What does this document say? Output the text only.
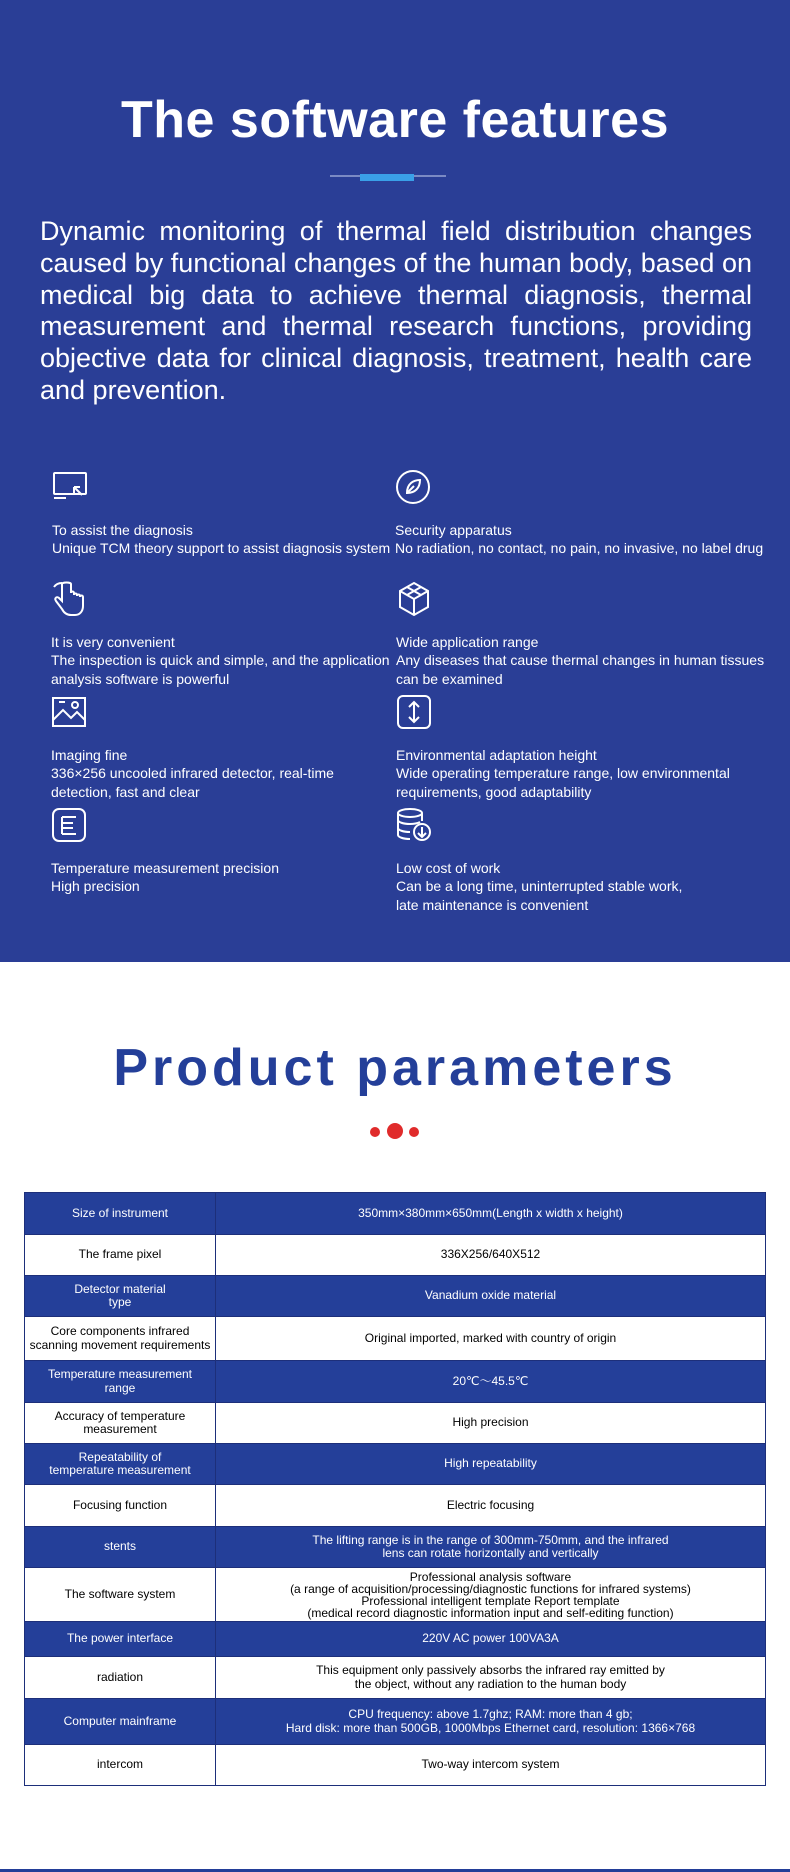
The software features

Dynamic monitoring of thermal field distribution changes caused by functional changes of the human body, based on medical big data to achieve thermal diagnosis, thermal measurement and thermal research functions, providing objective data for clinical diagnosis, treatment, health care and prevention.

To assist the diagnosis
Unique TCM theory support to assist diagnosis system
Security apparatus
No radiation, no contact, no pain, no invasive, no label drug
It is very convenient
The inspection is quick and simple, and the application
analysis software is powerful
Wide application range
Any diseases that cause thermal changes in human tissues
can be examined
Imaging fine
336×256 uncooled infrared detector, real-time
detection, fast and clear
Environmental adaptation height
Wide operating temperature range, low environmental
requirements, good adaptability
Temperature measurement precision
High precision
Low cost of work
Can be a long time, uninterrupted stable work,
late maintenance is convenient
Product parameters
Size of instrument	350mm×380mm×650mm(Length x width x height)
The frame pixel	336X256/640X512
Detector material
type	Vanadium oxide material
Core components infrared
scanning movement requirements	Original imported, marked with country of origin
Temperature measurement
range	20℃～45.5℃
Accuracy of temperature
measurement	High precision
Repeatability of
temperature measurement	High repeatability
Focusing function	Electric focusing
stents	The lifting range is in the range of 300mm-750mm, and the infrared
lens can rotate horizontally and vertically
The software system	Professional analysis software
(a range of acquisition/processing/diagnostic functions for infrared systems)
Professional intelligent template Report template
(medical record diagnostic information input and self-editing function)
The power interface	220V AC power 100VA3A
radiation	This equipment only passively absorbs the infrared ray emitted by
the object, without any radiation to the human body
Computer mainframe	CPU frequency: above 1.7ghz; RAM: more than 4 gb;
Hard disk: more than 500GB, 1000Mbps Ethernet card, resolution: 1366×768
intercom	Two-way intercom system
